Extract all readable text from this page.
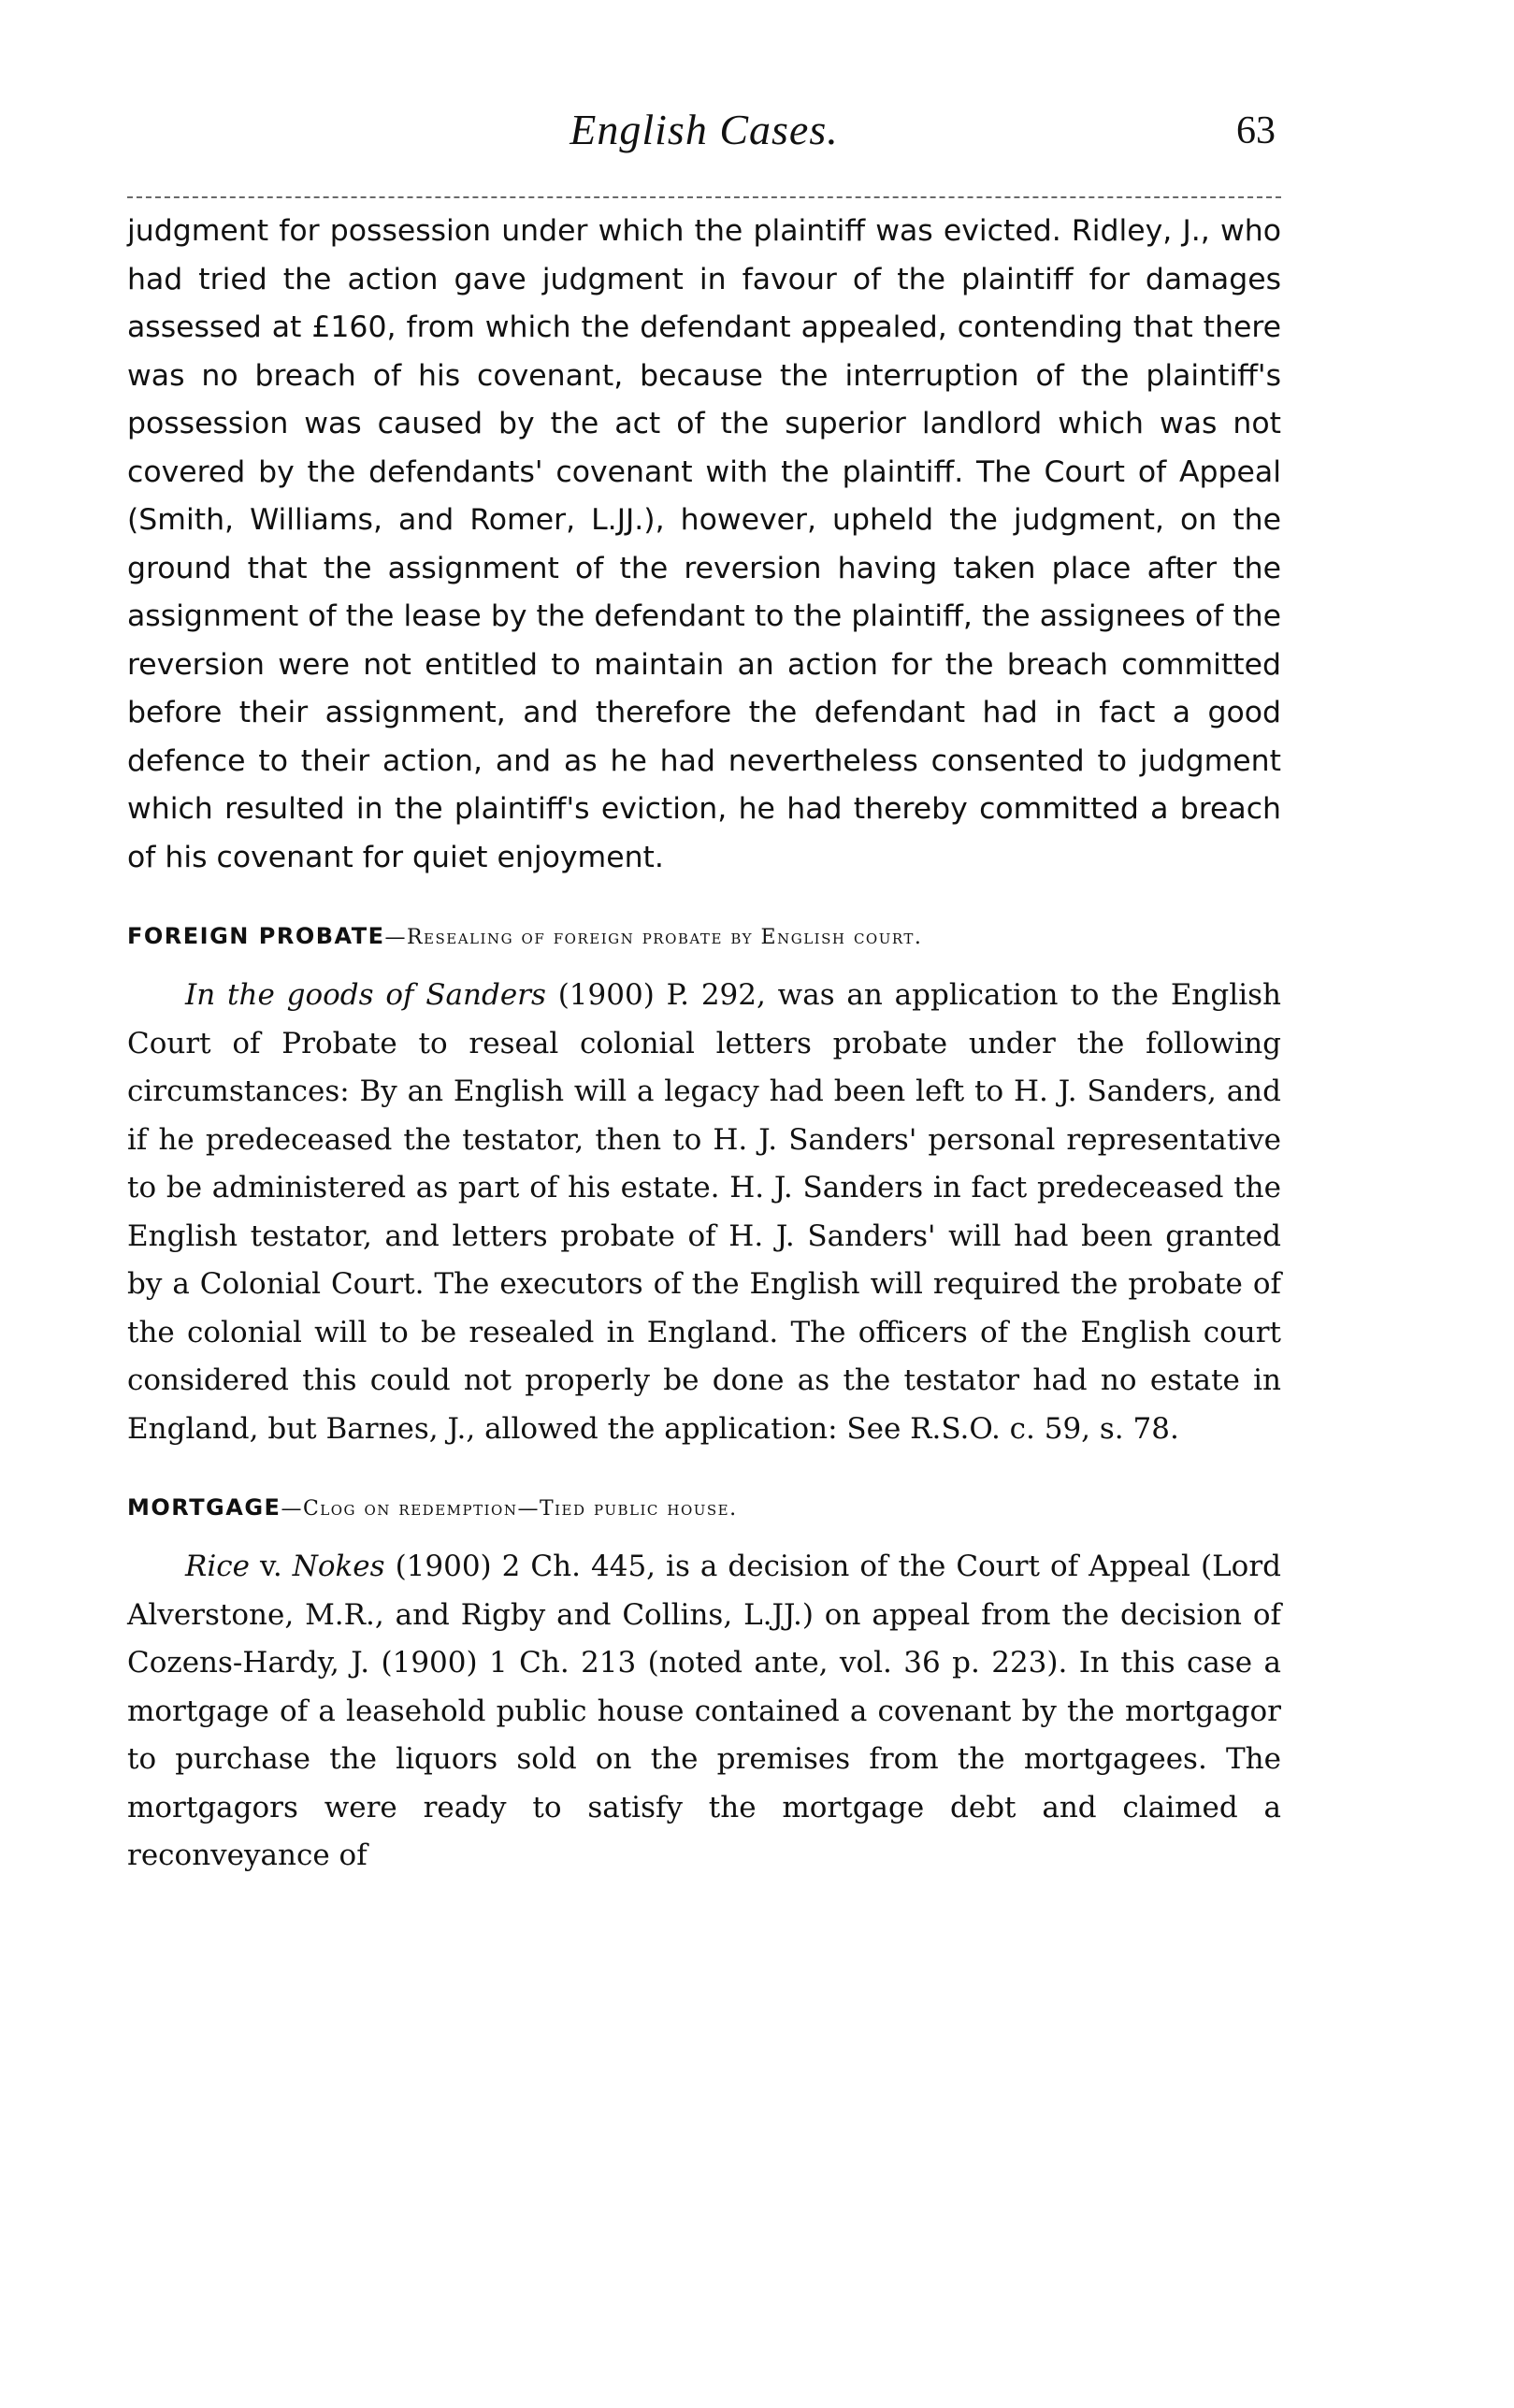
English Cases.	63

judgment for possession under which the plaintiff was evicted. Ridley, J., who had tried the action gave judgment in favour of the plaintiff for damages assessed at £160, from which the defendant appealed, contending that there was no breach of his covenant, because the interruption of the plaintiff's possession was caused by the act of the superior landlord which was not covered by the defendants' covenant with the plaintiff. The Court of Appeal (Smith, Williams, and Romer, L.JJ.), however, upheld the judgment, on the ground that the assignment of the reversion having taken place after the assignment of the lease by the defendant to the plaintiff, the assignees of the reversion were not entitled to maintain an action for the breach committed before their assignment, and therefore the defendant had in fact a good defence to their action, and as he had nevertheless consented to judgment which resulted in the plaintiff's eviction, he had thereby committed a breach of his covenant for quiet enjoyment.

FOREIGN PROBATE—Resealing of foreign probate by English court.

In the goods of Sanders (1900) P. 292, was an application to the English Court of Probate to reseal colonial letters probate under the following circumstances: By an English will a legacy had been left to H. J. Sanders, and if he predeceased the testator, then to H. J. Sanders' personal representative to be administered as part of his estate. H. J. Sanders in fact predeceased the English testator, and letters probate of H. J. Sanders' will had been granted by a Colonial Court. The executors of the English will required the probate of the colonial will to be resealed in England. The officers of the English court considered this could not properly be done as the testator had no estate in England, but Barnes, J., allowed the application: See R.S.O. c. 59, s. 78.

MORTGAGE—Clog on redemption—Tied public house.

Rice v. Nokes (1900) 2 Ch. 445, is a decision of the Court of Appeal (Lord Alverstone, M.R., and Rigby and Collins, L.JJ.) on appeal from the decision of Cozens-Hardy, J. (1900) 1 Ch. 213 (noted ante, vol. 36 p. 223). In this case a mortgage of a leasehold public house contained a covenant by the mortgagor to purchase the liquors sold on the premises from the mortgagees. The mortgagors were ready to satisfy the mortgage debt and claimed a reconveyance of
